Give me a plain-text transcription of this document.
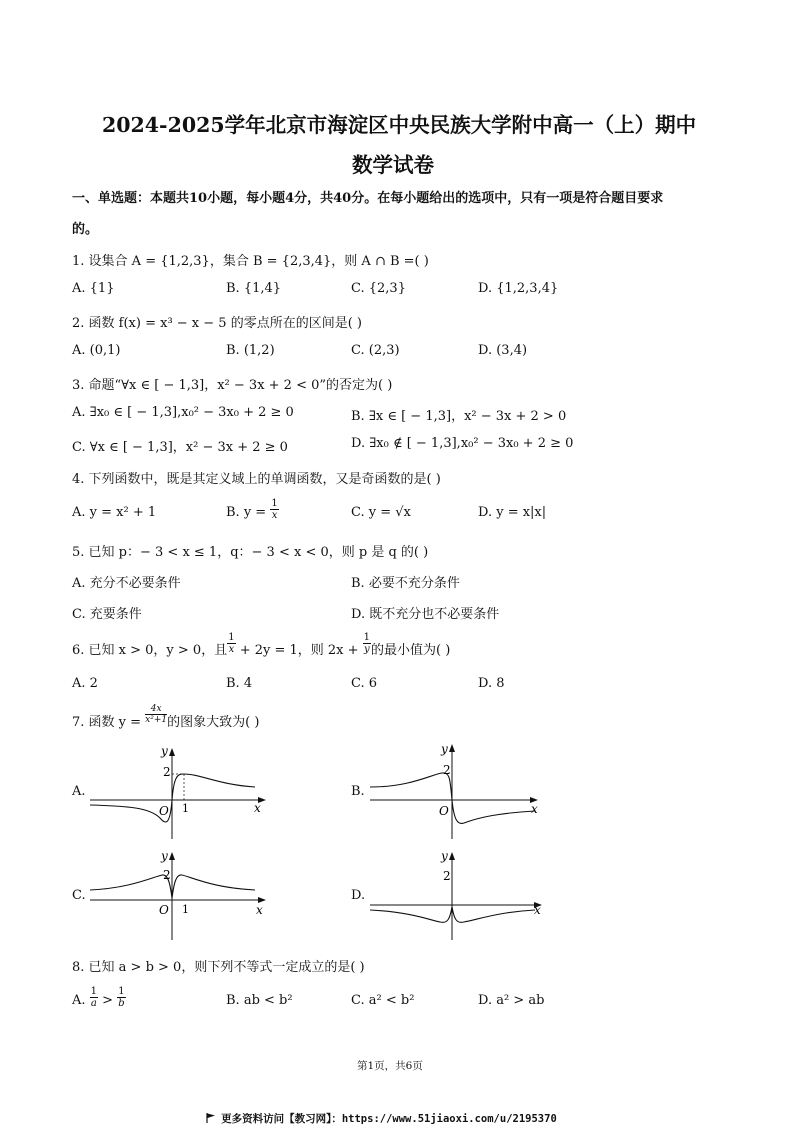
2024-2025学年北京市海淀区中央民族大学附中高一（上）期中
数学试卷
一、单选题：本题共10小题，每小题4分，共40分。在每小题给出的选项中，只有一项是符合题目要求
的。
1. 设集合 A = {1,2,3}，集合 B = {2,3,4}，则 A ∩ B =( )
A. {1}	B. {1,4}	C. {2,3}	D. {1,2,3,4}
2. 函数 f(x) = x³ − x − 5 的零点所在的区间是( )
A. (0,1)	B. (1,2)	C. (2,3)	D. (3,4)
3. 命题“∀x ∈ [ − 1,3]，x² − 3x + 2 < 0”的否定为( )
A. ∃x₀ ∈ [ − 1,3],x₀² − 3x₀ + 2 ≥ 0	B. ∃x ∈ [ − 1,3]，x² − 3x + 2 > 0
C. ∀x ∈ [ − 1,3]，x² − 3x + 2 ≥ 0	D. ∃x₀ ∉ [ − 1,3],x₀² − 3x₀ + 2 ≥ 0
4. 下列函数中，既是其定义域上的单调函数，又是奇函数的是( )
A. y = x² + 1	B. $y = \frac{1}{x}$	C. y = √x	D. y = x|x|
5. 已知 p：− 3 < x ≤ 1，q：− 3 < x < 0，则 p 是 q 的( )
A. 充分不必要条件	B. 必要不充分条件
C. 充要条件	D. 既不充分也不必要条件
6. 已知 x > 0，y > 0，且 $\frac{1}{x} + 2y = 1$，则 $2x + \frac{1}{y}$ 的最小值为( )
A. 2	B. 4	C. 6	D. 8
7. 函数 $y = \frac{4x}{\text{x²+1}}$ 的图象大致为( )
A.	B.
C.	D.
y
2
O 1	x
y
2
O	x
y
2
O 1	x
y
2
x
8. 已知 a > b > 0，则下列不等式一定成立的是( )
A. $\frac{1}{a} > \frac{1}{b}$	B. ab < b²	C. a² < b²	D. a² > ab
第1页，共6页
更多资料访问【教习网】：https://www.51jiaoxi.com/u/2195370
